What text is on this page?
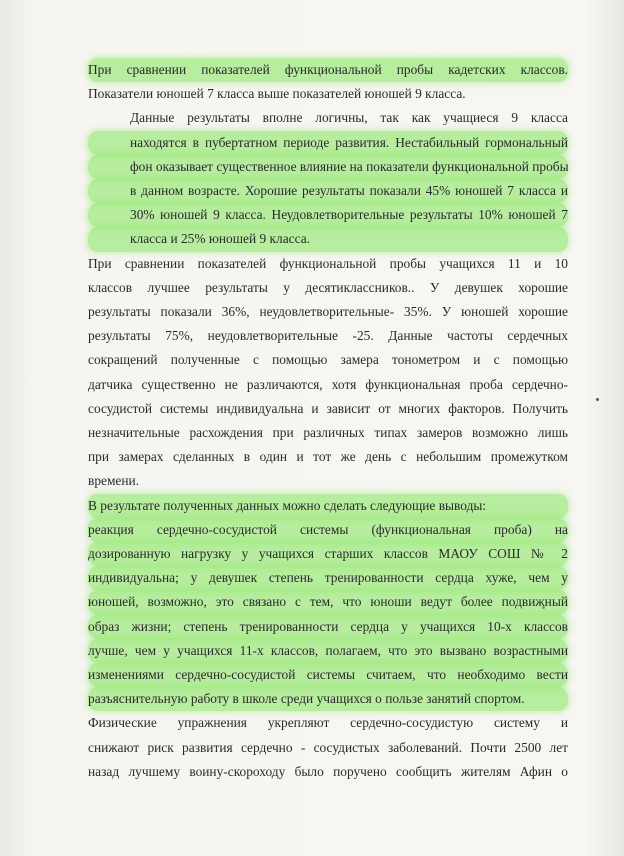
При сравнении показателей функциональной пробы кадетских классов.
Показатели юношей 7 класса выше показателей юношей 9 класса.
Данные результаты вполне логичны, так как учащиеся 9 класса
находятся в пубертатном периоде развития. Нестабильный гормональный
фон оказывает существенное влияние на показатели функциональной пробы
в данном возрасте. Хорошие результаты показали 45% юношей 7 класса и
30% юношей 9 класса. Неудовлетворительные результаты 10% юношей 7
класса и 25% юношей 9 класса.
При сравнении показателей функциональной пробы учащихся 11 и 10
классов лучшее результаты у десятиклассников.. У девушек хорошие
результаты показали 36%, неудовлетворительные- 35%. У юношей хорошие
результаты 75%, неудовлетворительные -25. Данные частоты сердечных
сокращений полученные с помощью замера тонометром и с помощью
датчика существенно не различаются, хотя функциональная проба сердечно-
сосудистой системы индивидуальна и зависит от многих факторов. Получить
незначительные расхождения при различных типах замеров возможно лишь
при замерах сделанных в один и тот же день с небольшим промежутком
времени.
В результате полученных данных можно сделать следующие выводы:
реакция сердечно-сосудистой системы (функциональная проба) на
дозированную нагрузку у учащихся старших классов МАОУ СОШ № 2
индивидуальна; у девушек степень тренированности сердца хуже, чем у
юношей, возможно, это связано с тем, что юноши ведут более подвижный
образ жизни; степень тренированности сердца у учащихся 10-х классов
лучше, чем у учащихся 11-х классов, полагаем, что это вызвано возрастными
изменениями сердечно-сосудистой системы считаем, что необходимо вести
разъяснительную работу в школе среди учащихся о пользе занятий спортом.
Физические упражнения укрепляют сердечно-сосудистую систему и
снижают риск развития сердечно - сосудистых заболеваний. Почти 2500 лет
назад лучшему воину-скороходу было поручено сообщить жителям Афин о
